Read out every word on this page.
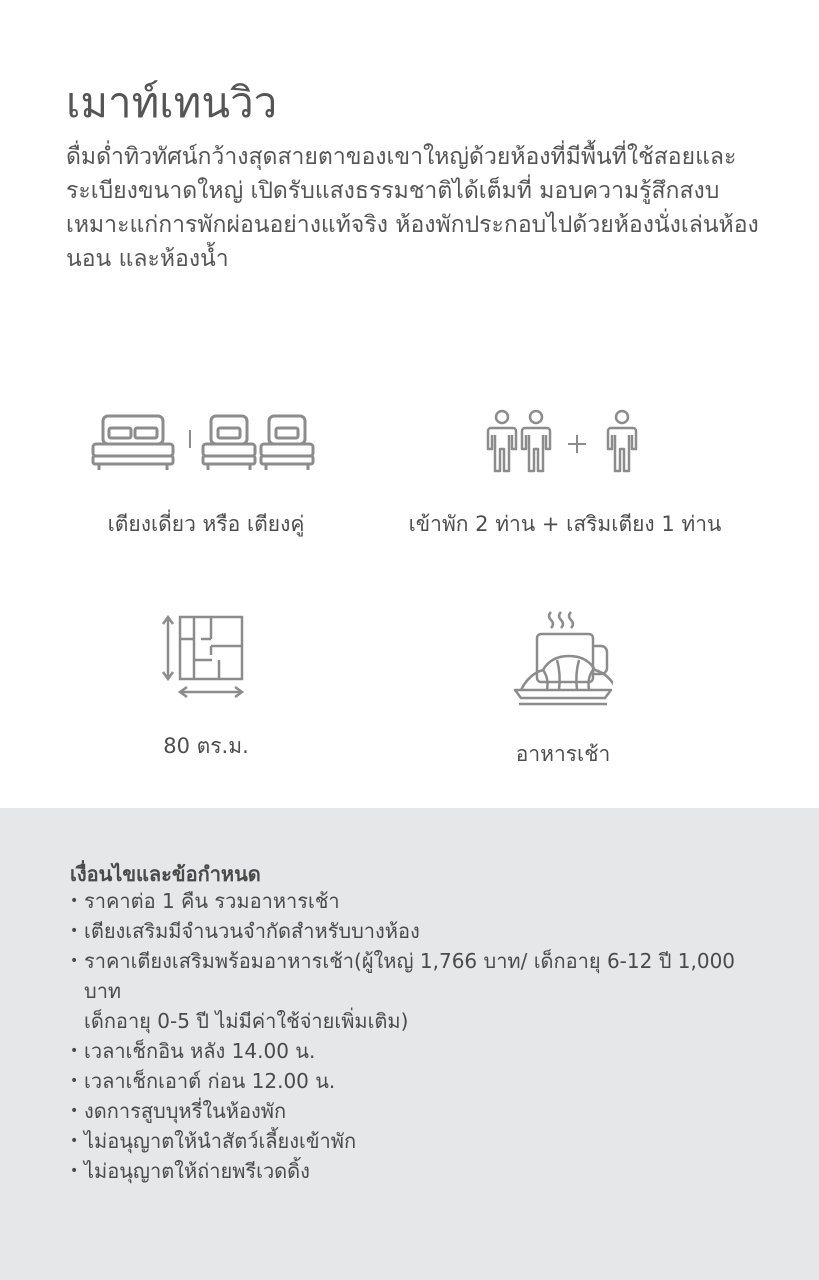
เมาท์เทนวิว

ดื่มด่ำทิวทัศน์กว้างสุดสายตาของเขาใหญ่ด้วยห้องที่มีพื้นที่ใช้สอยและระเบียงขนาดใหญ่ เปิดรับแสงธรรมชาติได้เต็มที่ มอบความรู้สึกสงบเหมาะแก่การพักผ่อนอย่างแท้จริง ห้องพักประกอบไปด้วยห้องนั่งเล่นห้องนอน และห้องน้ำ

เตียงเดี่ยว หรือ เตียงคู่	เข้าพัก 2 ท่าน + เสริมเตียง 1 ท่าน
80 ตร.ม.	อาหารเช้า
เงื่อนไขและข้อกำหนด
• ราคาต่อ 1 คืน รวมอาหารเช้า
• เตียงเสริมมีจำนวนจำกัดสำหรับบางห้อง
• ราคาเตียงเสริมพร้อมอาหารเช้า(ผู้ใหญ่ 1,766 บาท/ เด็กอายุ 6-12 ปี 1,000 บาท
เด็กอายุ 0-5 ปี ไม่มีค่าใช้จ่ายเพิ่มเติม)
• เวลาเช็กอิน หลัง 14.00 น.
• เวลาเช็กเอาต์ ก่อน 12.00 น.
• งดการสูบบุหรี่ในห้องพัก
• ไม่อนุญาตให้นำสัตว์เลี้ยงเข้าพัก
• ไม่อนุญาตให้ถ่ายพรีเวดดิ้ง
